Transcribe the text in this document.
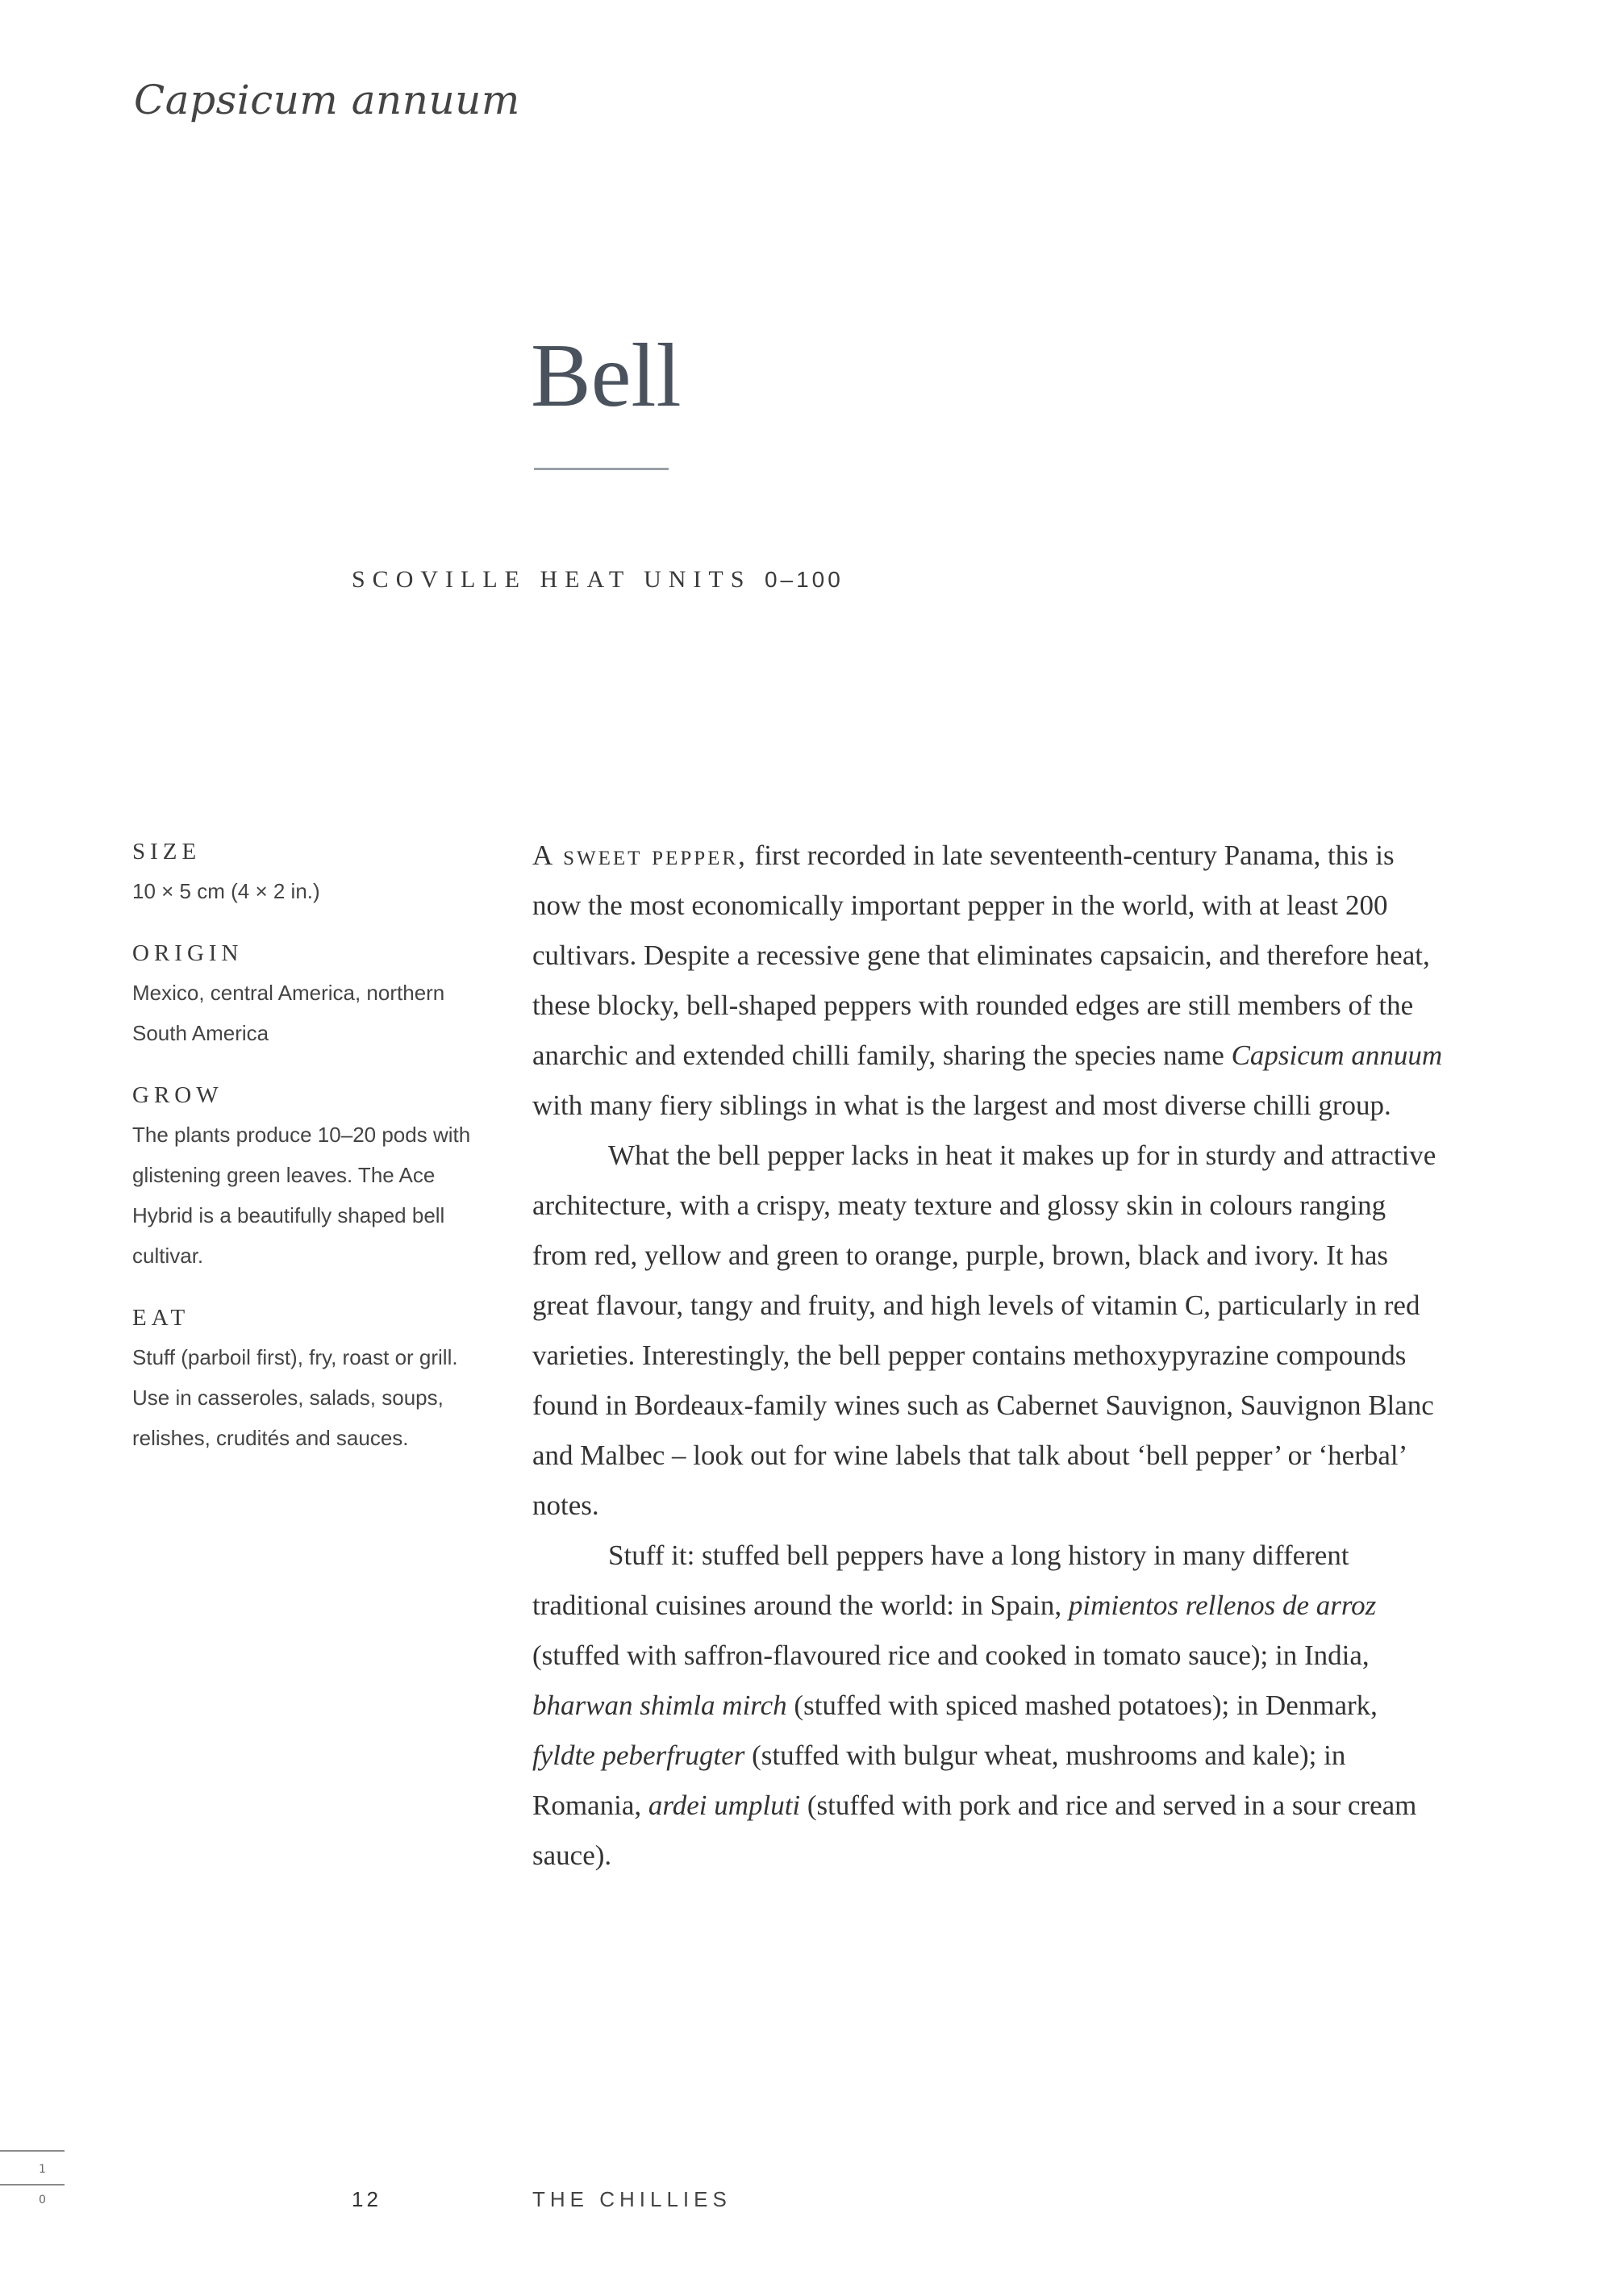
Capsicum annuum
Bell
SCOVILLE HEAT UNITS 0–100
SIZE
10 × 5 cm (4 × 2 in.)
ORIGIN
Mexico, central America, northern South America
GROW
The plants produce 10–20 pods with glistening green leaves. The Ace Hybrid is a beautifully shaped bell cultivar.
EAT
Stuff (parboil first), fry, roast or grill. Use in casseroles, salads, soups, relishes, crudités and sauces.

A sweet pepper, first recorded in late seventeenth-century Panama, this is now the most economically important pepper in the world, with at least 200 cultivars. Despite a recessive gene that eliminates capsaicin, and therefore heat, these blocky, bell-shaped peppers with rounded edges are still members of the anarchic and extended chilli family, sharing the species name Capsicum annuum with many fiery siblings in what is the largest and most diverse chilli group.

What the bell pepper lacks in heat it makes up for in sturdy and attractive architecture, with a crispy, meaty texture and glossy skin in colours ranging from red, yellow and green to orange, purple, brown, black and ivory. It has great flavour, tangy and fruity, and high levels of vitamin C, particularly in red varieties. Interestingly, the bell pepper contains methoxypyrazine compounds found in Bordeaux-family wines such as Cabernet Sauvignon, Sauvignon Blanc and Malbec – look out for wine labels that talk about ‘bell pepper’ or ‘herbal’ notes.

Stuff it: stuffed bell peppers have a long history in many different traditional cuisines around the world: in Spain, pimientos rellenos de arroz (stuffed with saffron-flavoured rice and cooked in tomato sauce); in India, bharwan shimla mirch (stuffed with spiced mashed potatoes); in Denmark, fyldte peberfrugter (stuffed with bulgur wheat, mushrooms and kale); in Romania, ardei umpluti (stuffed with pork and rice and served in a sour cream sauce).

12	THE CHILLIES
1
0
